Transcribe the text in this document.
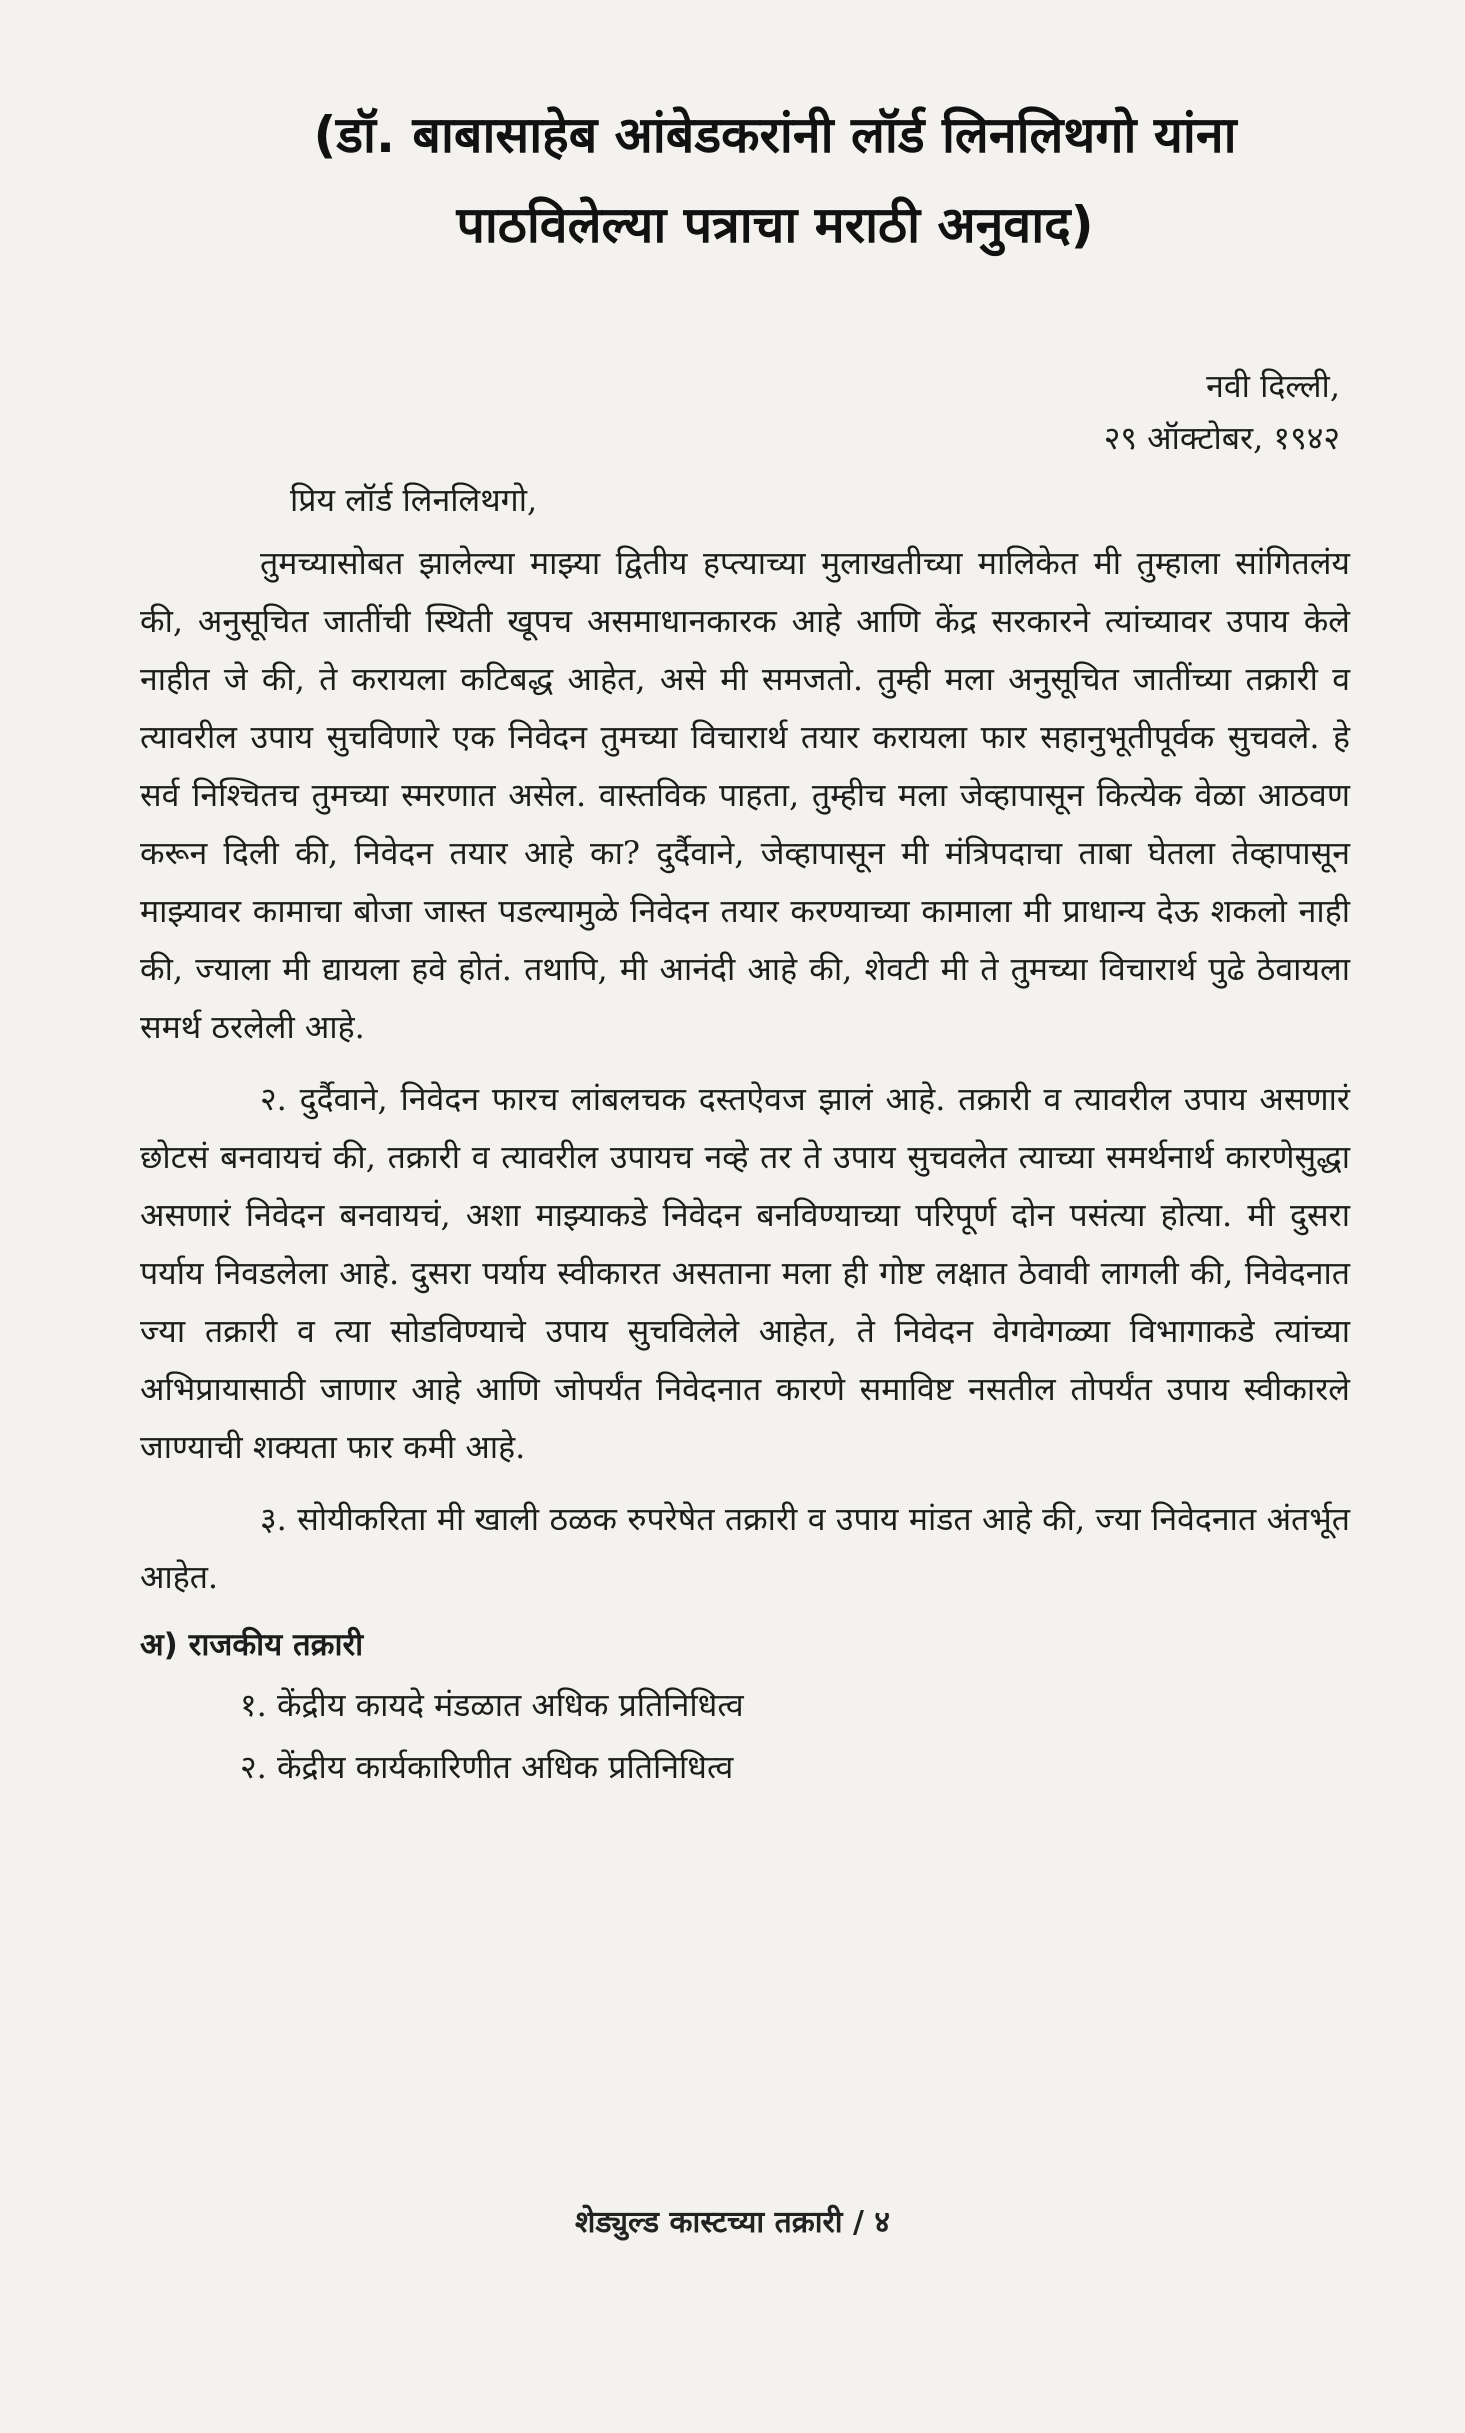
(डॉ. बाबासाहेब आंबेडकरांनी लॉर्ड लिनलिथगो यांना
पाठविलेल्या पत्राचा मराठी अनुवाद)
नवी दिल्ली,
२९ ऑक्टोबर, १९४२
प्रिय लॉर्ड लिनलिथगो,

तुमच्यासोबत झालेल्या माझ्या द्वितीय हप्त्याच्या मुलाखतीच्या मालिकेत मी तुम्हाला सांगितलंय की, अनुसूचित जातींची स्थिती खूपच असमाधानकारक आहे आणि केंद्र सरकारने त्यांच्यावर उपाय केले नाहीत जे की, ते करायला कटिबद्ध आहेत, असे मी समजतो. तुम्ही मला अनुसूचित जातींच्या तक्रारी व त्यावरील उपाय सुचविणारे एक निवेदन तुमच्या विचारार्थ तयार करायला फार सहानुभूतीपूर्वक सुचवले. हे सर्व निश्चितच तुमच्या स्मरणात असेल. वास्तविक पाहता, तुम्हीच मला जेव्हापासून कित्येक वेळा आठवण करून दिली की, निवेदन तयार आहे का? दुर्दैवाने, जेव्हापासून मी मंत्रिपदाचा ताबा घेतला तेव्हापासून माझ्यावर कामाचा बोजा जास्त पडल्यामुळे निवेदन तयार करण्याच्या कामाला मी प्राधान्य देऊ शकलो नाही की, ज्याला मी द्यायला हवे होतं. तथापि, मी आनंदी आहे की, शेवटी मी ते तुमच्या विचारार्थ पुढे ठेवायला समर्थ ठरलेली आहे.

२. दुर्दैवाने, निवेदन फारच लांबलचक दस्तऐवज झालं आहे. तक्रारी व त्यावरील उपाय असणारं छोटसं बनवायचं की, तक्रारी व त्यावरील उपायच नव्हे तर ते उपाय सुचवलेत त्याच्या समर्थनार्थ कारणेसुद्धा असणारं निवेदन बनवायचं, अशा माझ्याकडे निवेदन बनविण्याच्या परिपूर्ण दोन पसंत्या होत्या. मी दुसरा पर्याय निवडलेला आहे. दुसरा पर्याय स्वीकारत असताना मला ही गोष्ट लक्षात ठेवावी लागली की, निवेदनात ज्या तक्रारी व त्या सोडविण्याचे उपाय सुचविलेले आहेत, ते निवेदन वेगवेगळ्या विभागाकडे त्यांच्या अभिप्रायासाठी जाणार आहे आणि जोपर्यंत निवेदनात कारणे समाविष्ट नसतील तोपर्यंत उपाय स्वीकारले जाण्याची शक्यता फार कमी आहे.

३. सोयीकरिता मी खाली ठळक रुपरेषेत तक्रारी व उपाय मांडत आहे की, ज्या निवेदनात अंतर्भूत आहेत.

अ) राजकीय तक्रारी
१. केंद्रीय कायदे मंडळात अधिक प्रतिनिधित्व
२. केंद्रीय कार्यकारिणीत अधिक प्रतिनिधित्व
शेड्युल्ड कास्टच्या तक्रारी / ४
